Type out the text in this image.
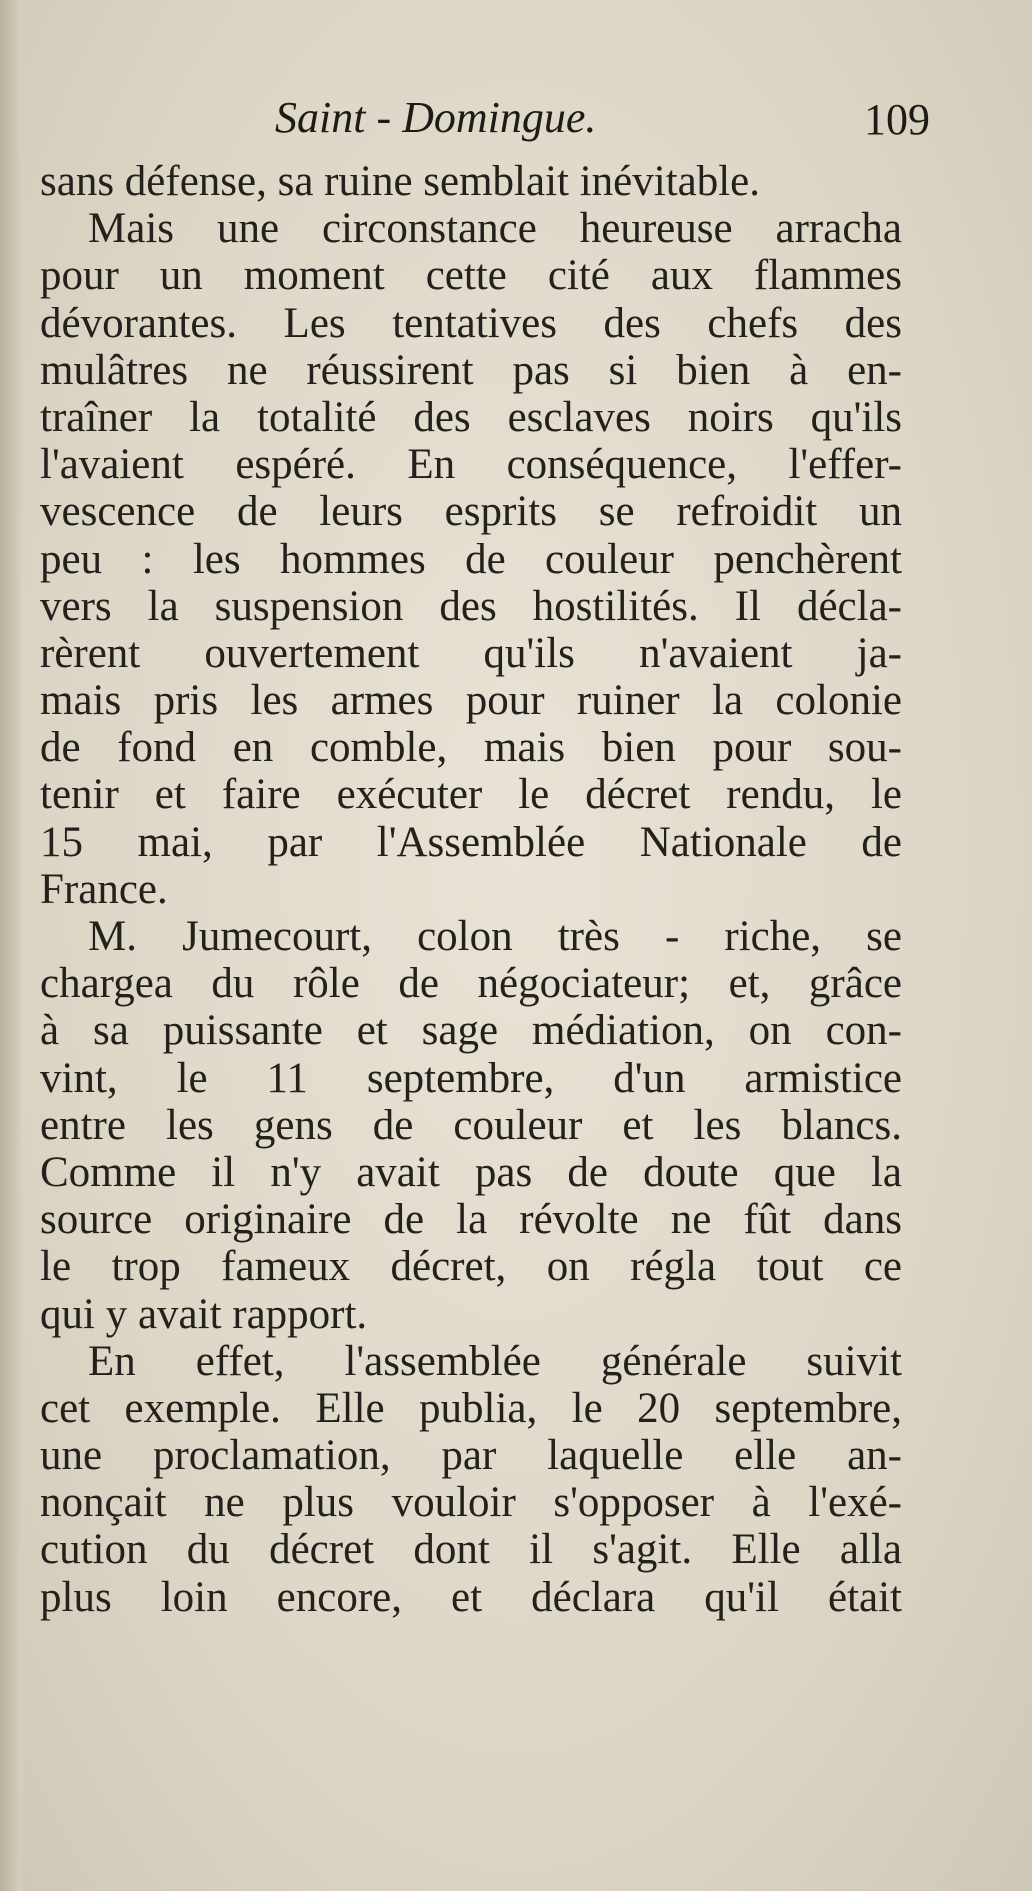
Saint - Domingue.	109
sans défense, sa ruine semblait inévitable.
Mais une circonstance heureuse arracha
pour un moment cette cité aux flammes
dévorantes. Les tentatives des chefs des
mulâtres ne réussirent pas si bien à en-
traîner la totalité des esclaves noirs qu'ils
l'avaient espéré. En conséquence, l'effer-
vescence de leurs esprits se refroidit un
peu : les hommes de couleur penchèrent
vers la suspension des hostilités. Il décla-
rèrent ouvertement qu'ils n'avaient ja-
mais pris les armes pour ruiner la colonie
de fond en comble, mais bien pour sou-
tenir et faire exécuter le décret rendu, le
15 mai, par l'Assemblée Nationale de
France.
M. Jumecourt, colon très - riche, se
chargea du rôle de négociateur; et, grâce
à sa puissante et sage médiation, on con-
vint, le 11 septembre, d'un armistice
entre les gens de couleur et les blancs.
Comme il n'y avait pas de doute que la
source originaire de la révolte ne fût dans
le trop fameux décret, on régla tout ce
qui y avait rapport.
En effet, l'assemblée générale suivit
cet exemple. Elle publia, le 20 septembre,
une proclamation, par laquelle elle an-
nonçait ne plus vouloir s'opposer à l'exé-
cution du décret dont il s'agit. Elle alla
plus loin encore, et déclara qu'il était
